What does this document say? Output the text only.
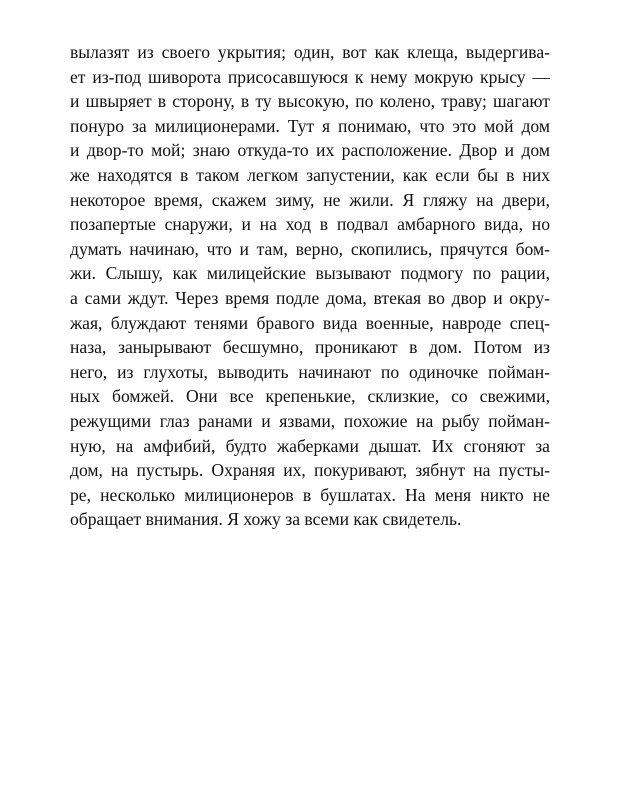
вылазят из своего укрытия; один, вот как клеща, выдергива-
ет из-под шиворота присосавшуюся к нему мокрую крысу —
и швыряет в сторону, в ту высокую, по колено, траву; шагают
понуро за милиционерами. Тут я понимаю, что это мой дом
и двор-то мой; знаю откуда-то их расположение. Двор и дом
же находятся в таком легком запустении, как если бы в них
некоторое время, скажем зиму, не жили. Я гляжу на двери,
позапертые снаружи, и на ход в подвал амбарного вида, но
думать начинаю, что и там, верно, скопились, прячутся бом-
жи. Слышу, как милицейские вызывают подмогу по рации,
а сами ждут. Через время подле дома, втекая во двор и окру-
жая, блуждают тенями бравого вида военные, навроде спец-
наза, занырывают бесшумно, проникают в дом. Потом из
него, из глухоты, выводить начинают по одиночке поймaн-
ных бомжей. Они все крепенькие, склизкие, со свежими,
режущими глаз ранами и язвами, похожие на рыбу пойман-
ную, на амфибий, будто жаберками дышат. Их сгоняют за
дом, на пустырь. Охраняя их, покуривают, зябнут на пусты-
ре, несколько милиционеров в бушлатах. На меня никто не
обращает внимания. Я хожу за всеми как свидетель.
